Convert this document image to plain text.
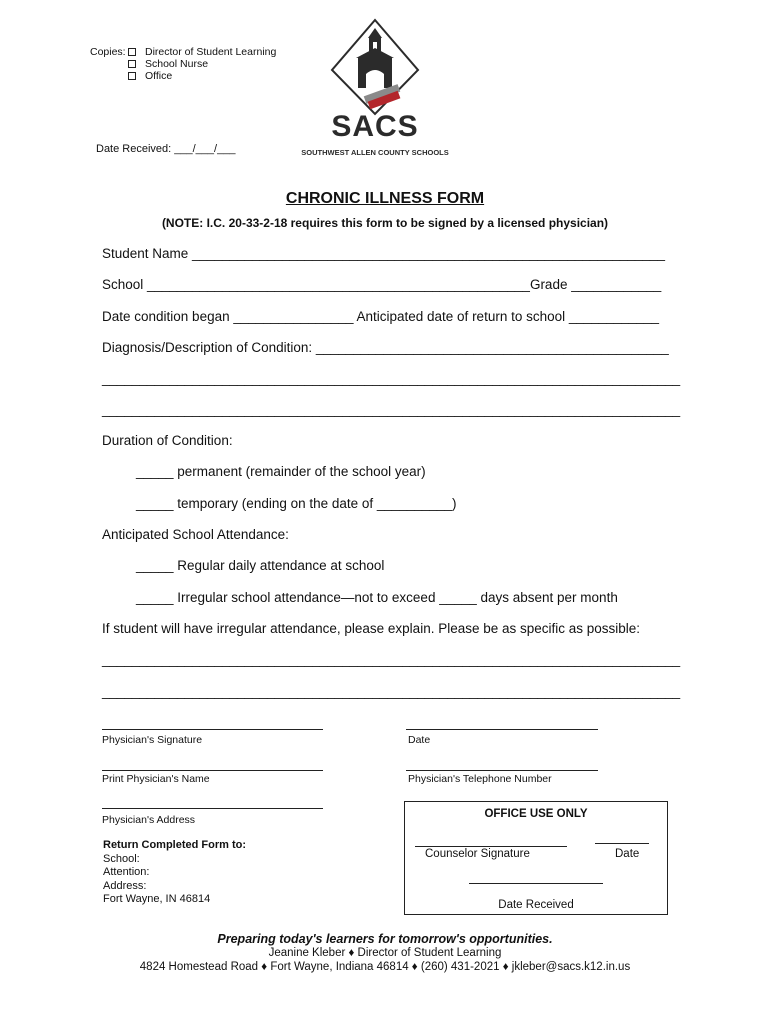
Copies: Director of Student Learning
School Nurse
Office
Date Received: ___/___/___
SACS
SOUTHWEST ALLEN COUNTY SCHOOLS
CHRONIC ILLNESS FORM
(NOTE: I.C. 20-33-2-18 requires this form to be signed by a licensed physician)
Student Name _______________________________________________________________
School ___________________________________________________Grade ____________
Date condition began ________________ Anticipated date of return to school ____________
Diagnosis/Description of Condition: _______________________________________________
_____________________________________________________________________________
_____________________________________________________________________________
Duration of Condition:
_____ permanent (remainder of the school year)
_____ temporary (ending on the date of __________)
Anticipated School Attendance:
_____ Regular daily attendance at school
_____ Irregular school attendance—not to exceed _____ days absent per month
If student will have irregular attendance, please explain. Please be as specific as possible:
_____________________________________________________________________________
_____________________________________________________________________________
Physician's Signature	Date
Print Physician's Name	Physician's Telephone Number
Physician's Address
Return Completed Form to:
School:
Attention:
Address:
Fort Wayne, IN 46814
OFFICE USE ONLY
Counselor Signature	Date
Date Received
Preparing today's learners for tomorrow's opportunities.
Jeanine Kleber ♦ Director of Student Learning
4824 Homestead Road ♦ Fort Wayne, Indiana 46814 ♦ (260) 431-2021 ♦ jkleber@sacs.k12.in.us
